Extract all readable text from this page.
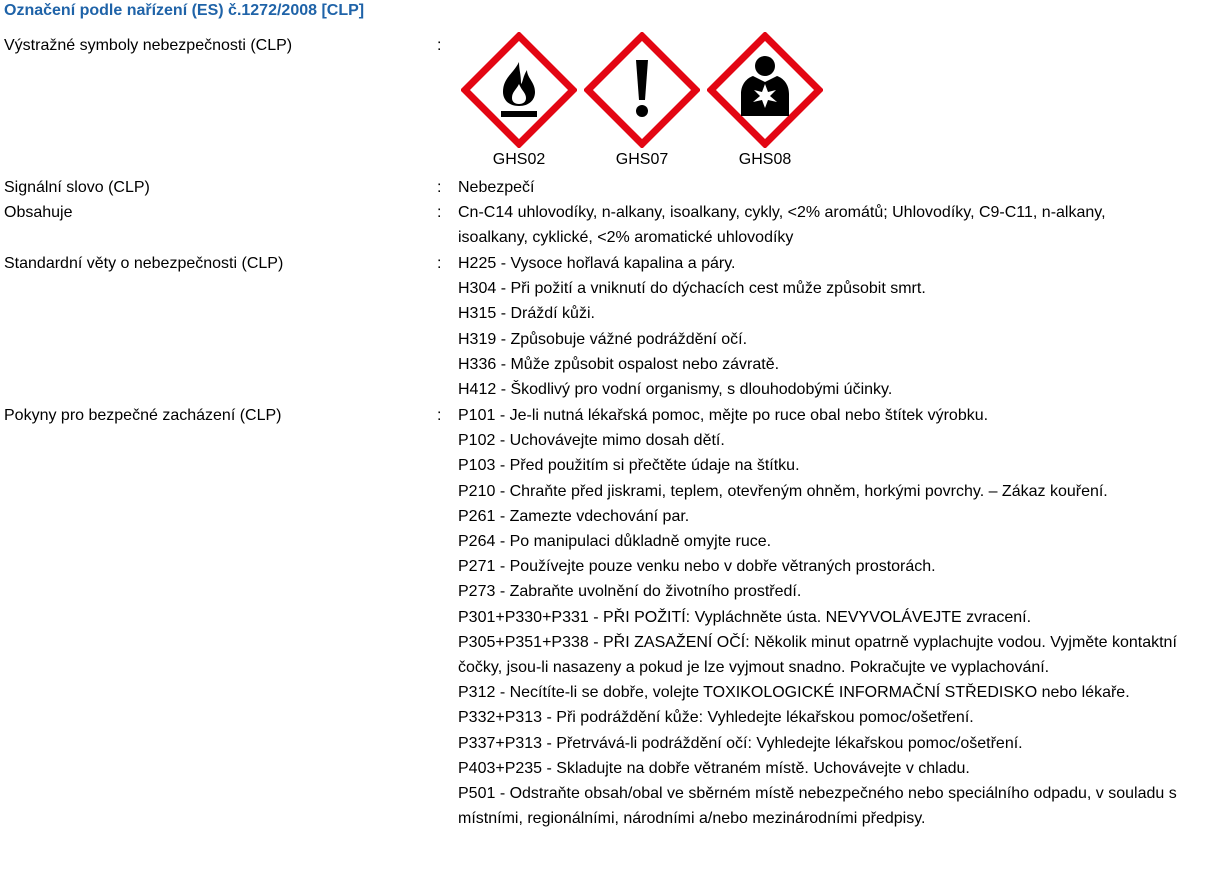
Označení podle nařízení (ES) č.1272/2008 [CLP]
Výstražné symboly nebezpečnosti (CLP)	:
GHS02	GHS07	GHS08
Signální slovo (CLP)	: Nebezpečí
Obsahuje	: Cn-C14 uhlovodíky, n-alkany, isoalkany, cykly, <2% aromátů; Uhlovodíky, C9-C11, n-alkany, isoalkany, cyklické, <2% aromatické uhlovodíky
Standardní věty o nebezpečnosti (CLP)	: H225 - Vysoce hořlavá kapalina a páry.
H304 - Při požití a vniknutí do dýchacích cest může způsobit smrt.
H315 - Dráždí kůži.
H319 - Způsobuje vážné podráždění očí.
H336 - Může způsobit ospalost nebo závratě.
H412 - Škodlivý pro vodní organismy, s dlouhodobými účinky.
Pokyny pro bezpečné zacházení (CLP)	: P101 - Je-li nutná lékařská pomoc, mějte po ruce obal nebo štítek výrobku.
P102 - Uchovávejte mimo dosah dětí.
P103 - Před použitím si přečtěte údaje na štítku.
P210 - Chraňte před jiskrami, teplem, otevřeným ohněm, horkými povrchy. – Zákaz kouření.
P261 - Zamezte vdechování par.
P264 - Po manipulaci důkladně omyjte ruce.
P271 - Používejte pouze venku nebo v dobře větraných prostorách.
P273 - Zabraňte uvolnění do životního prostředí.
P301+P330+P331 - PŘI POŽITÍ: Vypláchněte ústa. NEVYVOLÁVEJTE zvracení.
P305+P351+P338 - PŘI ZASAŽENÍ OČÍ: Několik minut opatrně vyplachujte vodou. Vyjměte kontaktní čočky, jsou-li nasazeny a pokud je lze vyjmout snadno. Pokračujte ve vyplachování.
P312 - Necítíte-li se dobře, volejte TOXIKOLOGICKÉ INFORMAČNÍ STŘEDISKO nebo lékaře.
P332+P313 - Při podráždění kůže: Vyhledejte lékařskou pomoc/ošetření.
P337+P313 - Přetrvává-li podráždění očí: Vyhledejte lékařskou pomoc/ošetření.
P403+P235 - Skladujte na dobře větraném místě. Uchovávejte v chladu.
P501 - Odstraňte obsah/obal ve sběrném místě nebezpečného nebo speciálního odpadu, v souladu s místními, regionálními, národními a/nebo mezinárodními předpisy.
